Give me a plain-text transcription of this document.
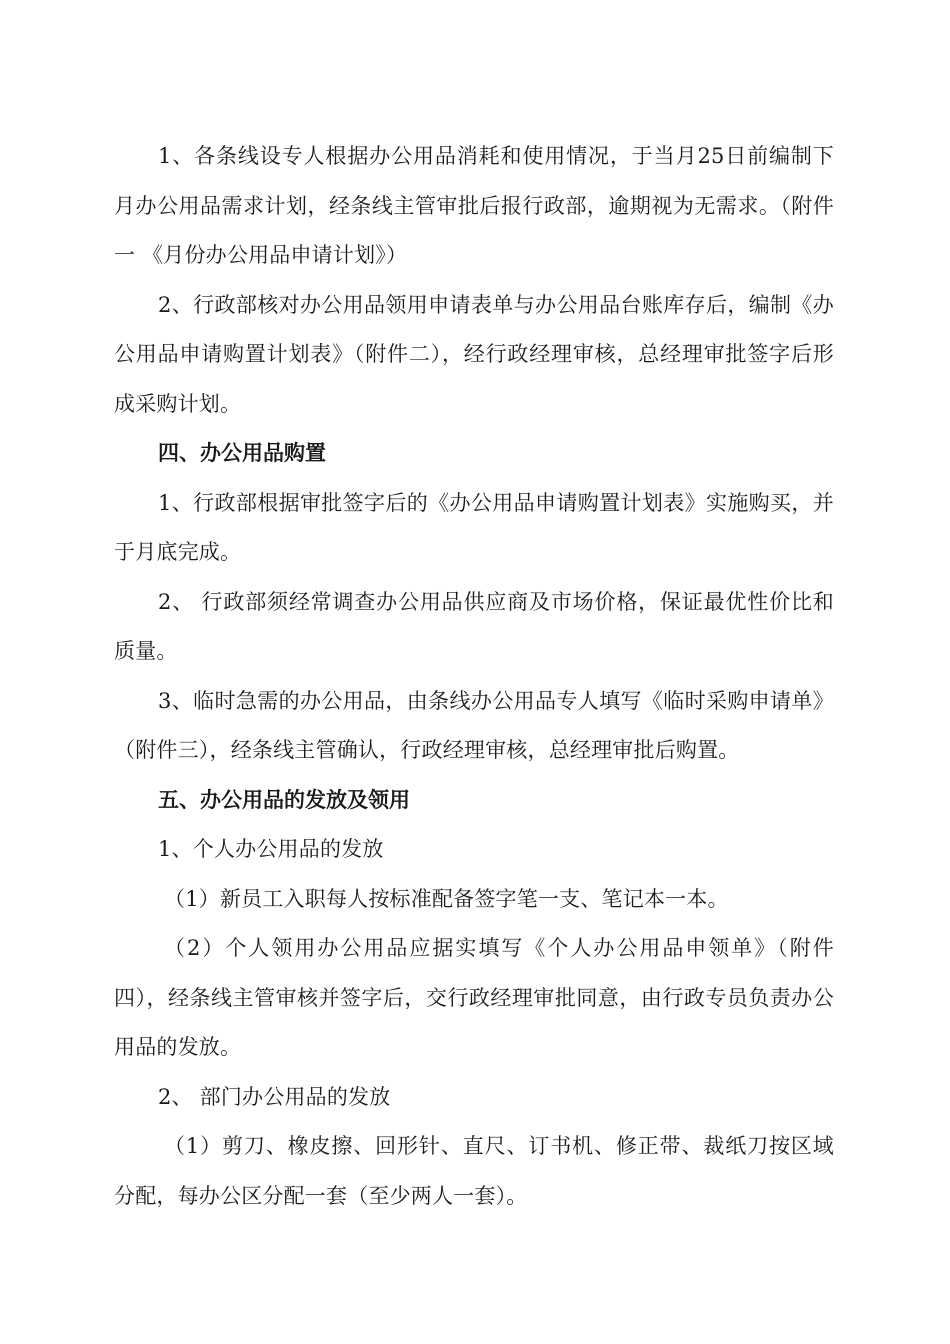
1、各条线设专人根据办公用品消耗和使用情况，于当月25日前编制下月办公用品需求计划，经条线主管审批后报行政部，逾期视为无需求。（附件一 《月份办公用品申请计划》）

2、行政部核对办公用品领用申请表单与办公用品台账库存后，编制《办公用品申请购置计划表》（附件二），经行政经理审核，总经理审批签字后形成采购计划。

四、办公用品购置

1、行政部根据审批签字后的《办公用品申请购置计划表》实施购买，并于月底完成。

2、 行政部须经常调查办公用品供应商及市场价格，保证最优性价比和质量。

3、临时急需的办公用品，由条线办公用品专人填写《临时采购申请单》（附件三），经条线主管确认，行政经理审核，总经理审批后购置。

五、办公用品的发放及领用

1、个人办公用品的发放

（1）新员工入职每人按标准配备签字笔一支、笔记本一本。

（2）个人领用办公用品应据实填写《个人办公用品申领单》（附件四），经条线主管审核并签字后，交行政经理审批同意，由行政专员负责办公用品的发放。

2、 部门办公用品的发放

（1）剪刀、橡皮擦、回形针、直尺、订书机、修正带、裁纸刀按区域分配，每办公区分配一套（至少两人一套）。
